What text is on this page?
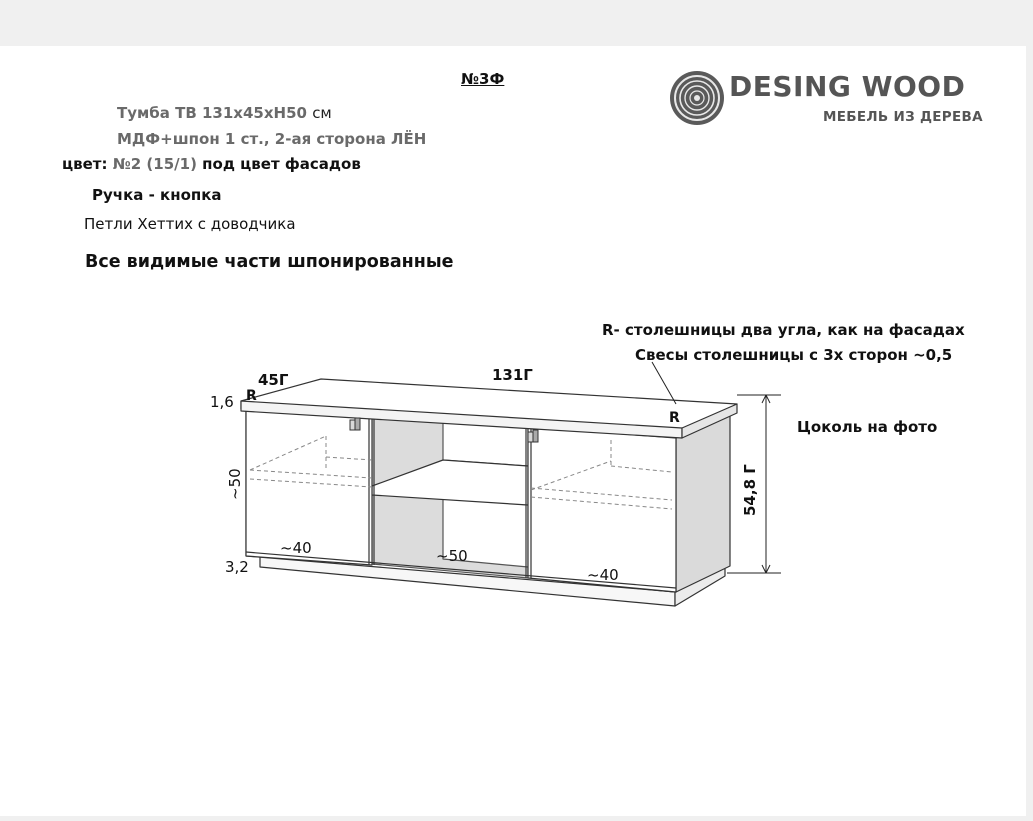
45Г	131Г
1,6 R
R
~50
3,2
~40	~50
~40
54,8 Г
№3Ф
Тумба ТВ 131х45хН50 см
МДФ+шпон 1 ст., 2-ая сторона ЛЁН
цвет: №2 (15/1) под цвет фасадов
Ручка - кнопка
Петли Хеттих с доводчика
Все видимые части шпонированные
R- столешницы два угла, как на фасадах
Свесы столешницы с 3х сторон ~0,5
Цоколь на фото
DESING WOOD
МЕБЕЛЬ ИЗ ДЕРЕВА
